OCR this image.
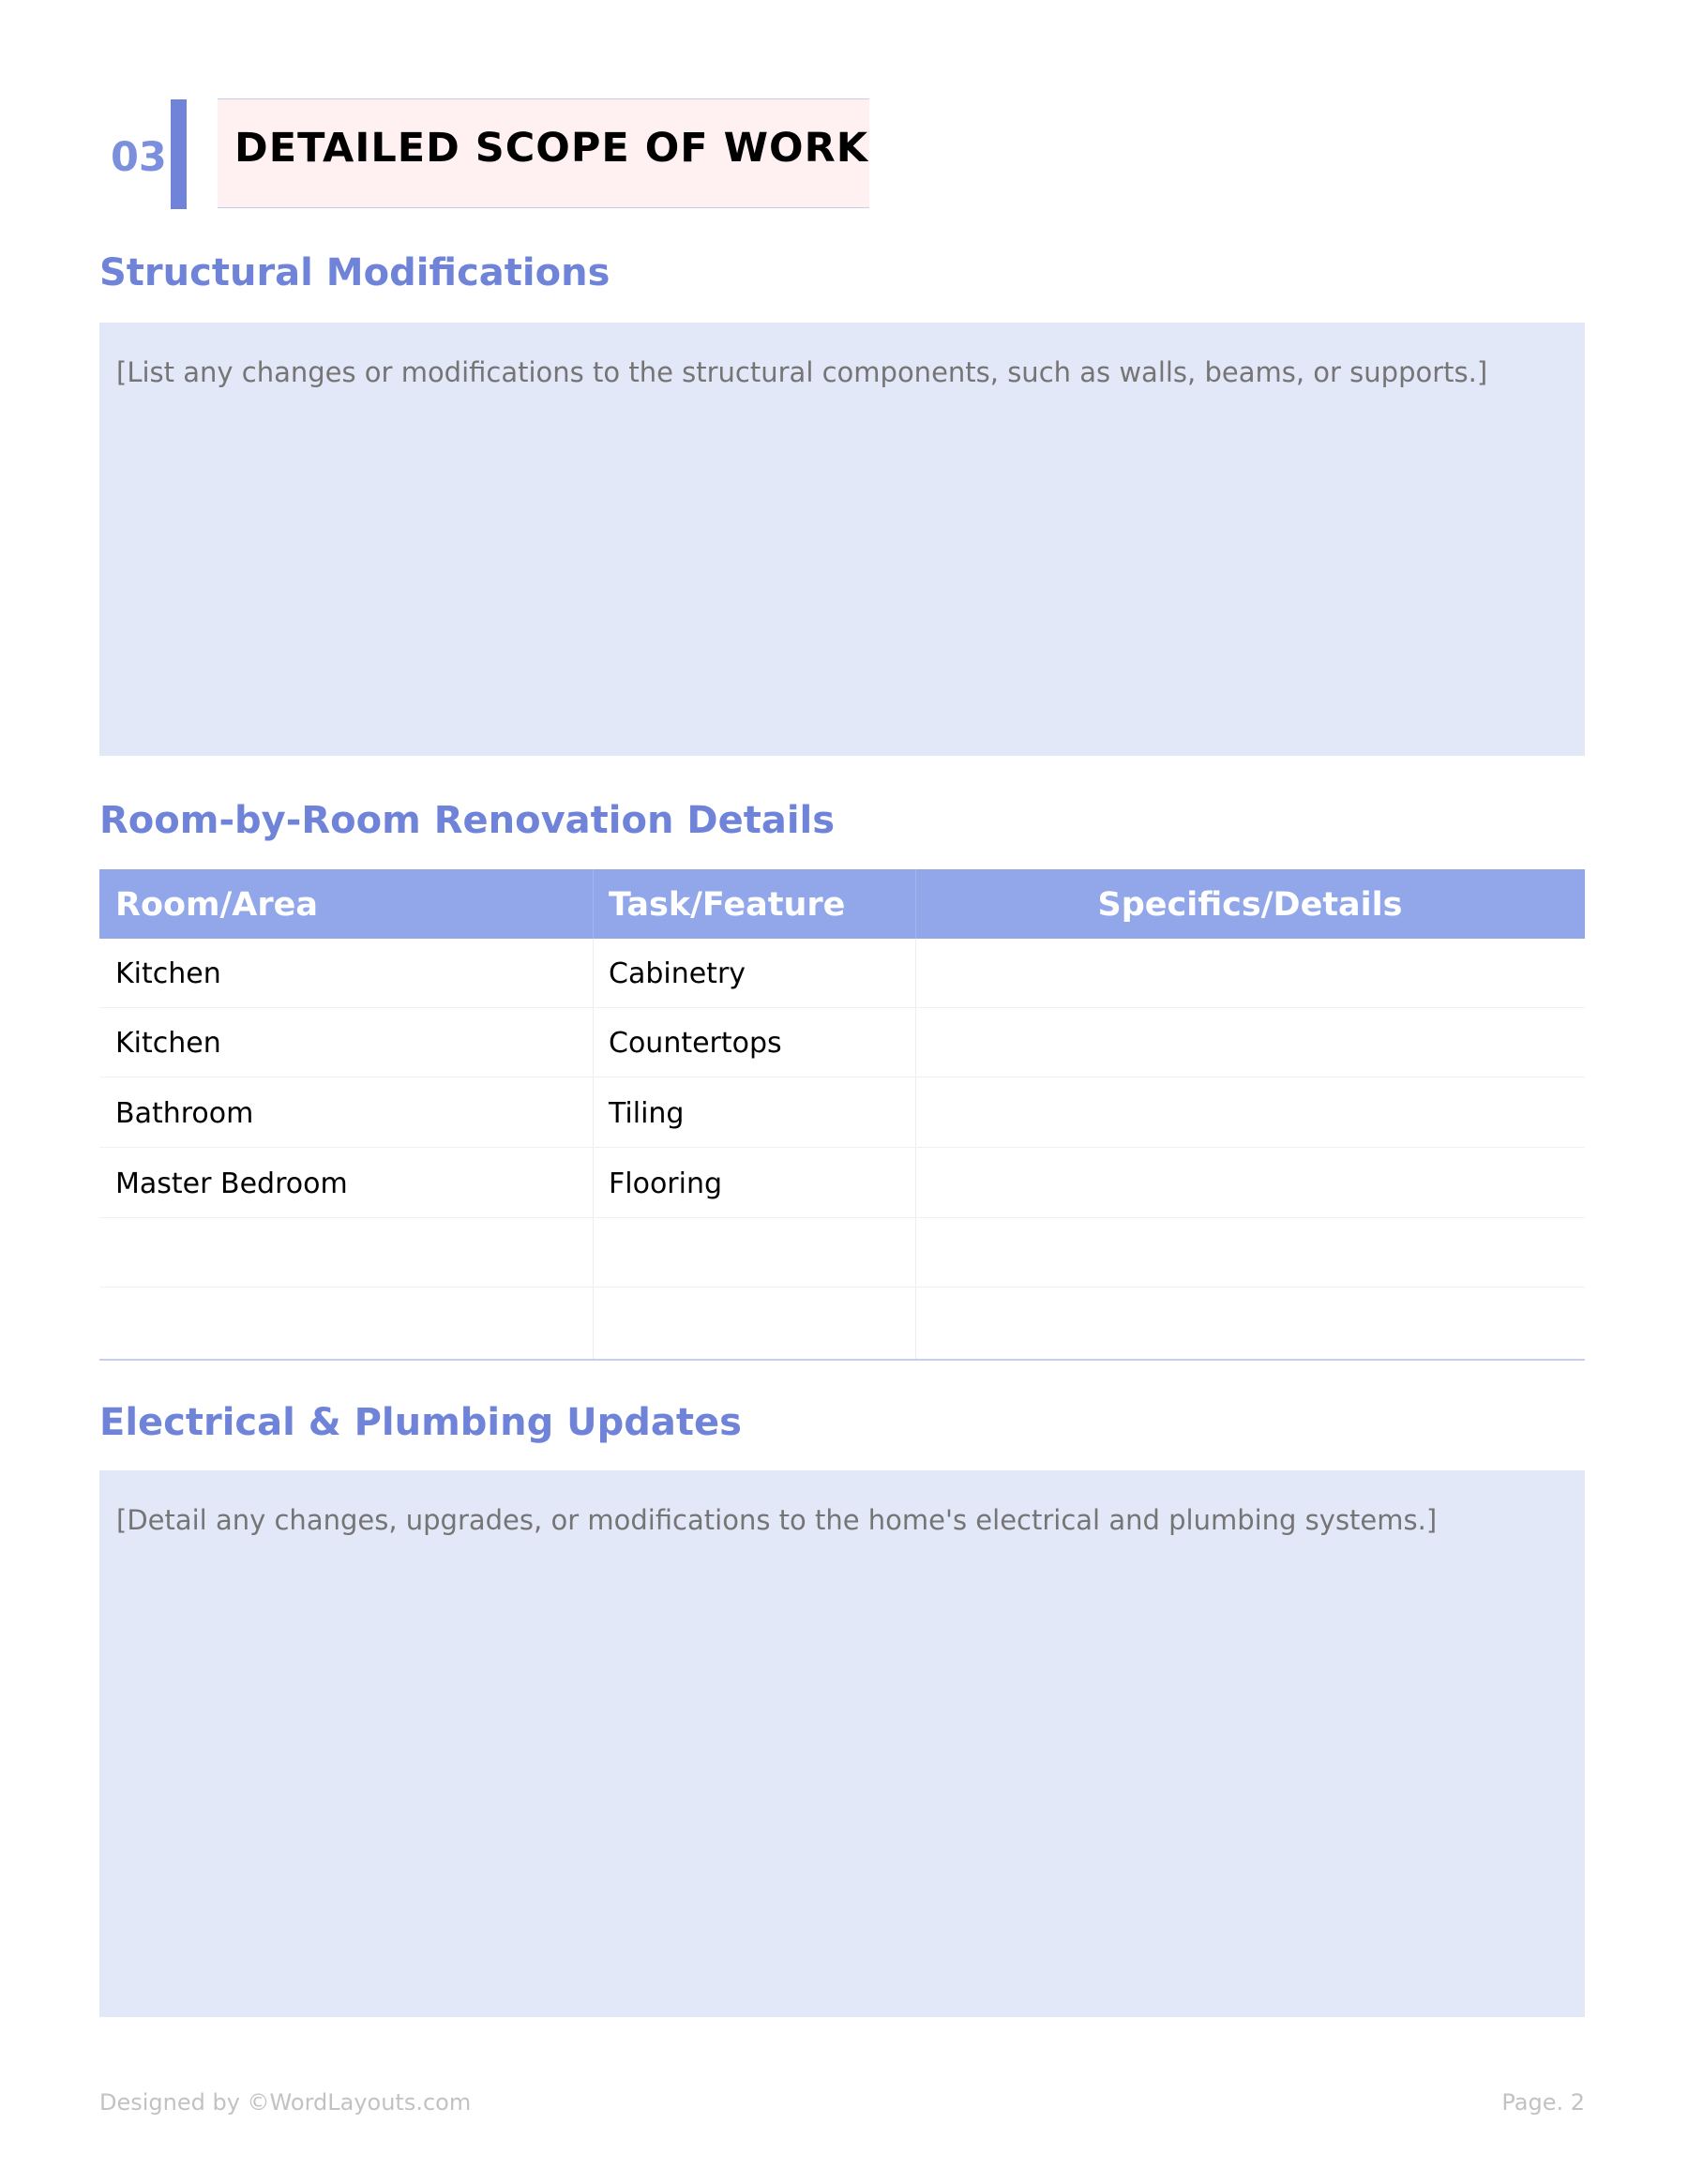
03 DETAILED SCOPE OF WORK
Structural Modifications
[List any changes or modifications to the structural components, such as walls, beams, or supports.]
Room-by-Room Renovation Details
Room/Area	Task/Feature	Specifics/Details
Kitchen	Cabinetry
Kitchen	Countertops
Bathroom	Tiling
Master Bedroom	Flooring
Electrical & Plumbing Updates
[Detail any changes, upgrades, or modifications to the home's electrical and plumbing systems.]
Designed by ©WordLayouts.com	Page. 2
